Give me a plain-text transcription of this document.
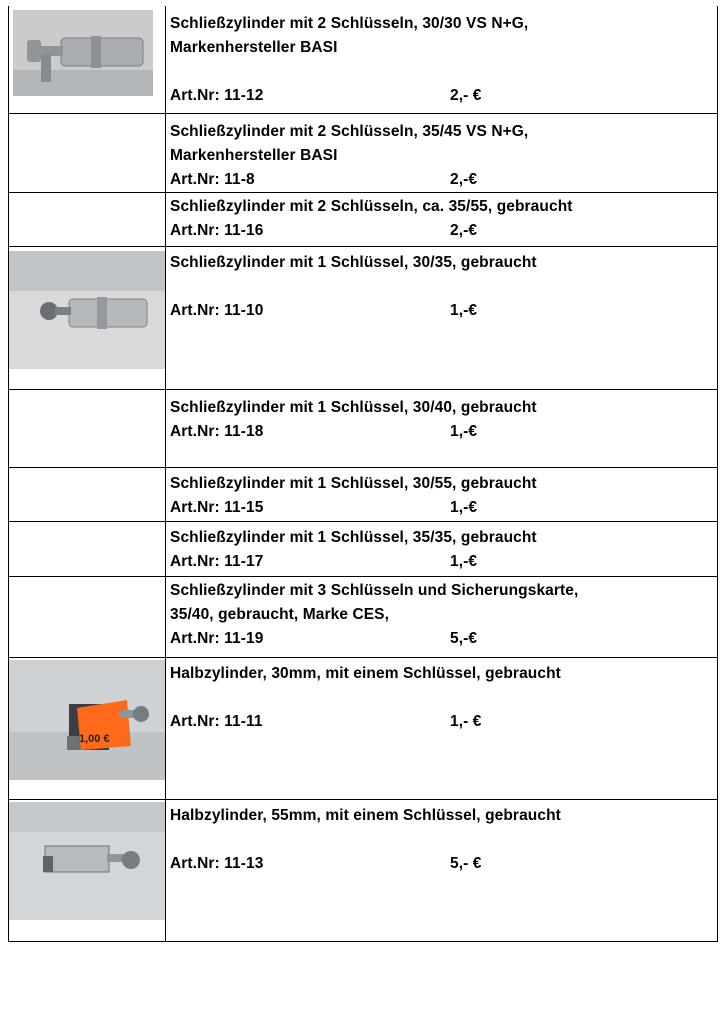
Schließzylinder mit 2 Schlüsseln, 30/30 VS N+G,
Markenhersteller BASI
Art.Nr: 11-12	2,- €
Schließzylinder mit 2 Schlüsseln, 35/45 VS N+G,
Markenhersteller BASI
Art.Nr: 11-8	2,-€
Schließzylinder mit 2 Schlüsseln, ca. 35/55, gebraucht
Art.Nr: 11-16	2,-€
Schließzylinder mit 1 Schlüssel, 30/35, gebraucht
Art.Nr: 11-10	1,-€
Schließzylinder mit 1 Schlüssel, 30/40, gebraucht
Art.Nr: 11-18	1,-€
Schließzylinder mit 1 Schlüssel, 30/55, gebraucht
Art.Nr: 11-15	1,-€
Schließzylinder mit 1 Schlüssel, 35/35, gebraucht
Art.Nr: 11-17	1,-€
Schließzylinder mit 3 Schlüsseln und Sicherungskarte,
35/40, gebraucht, Marke CES,
Art.Nr: 11-19	5,-€
1,00 €
Halbzylinder, 30mm, mit einem Schlüssel, gebraucht
Art.Nr: 11-11	1,- €
Halbzylinder, 55mm, mit einem Schlüssel, gebraucht
Art.Nr: 11-13	5,- €
